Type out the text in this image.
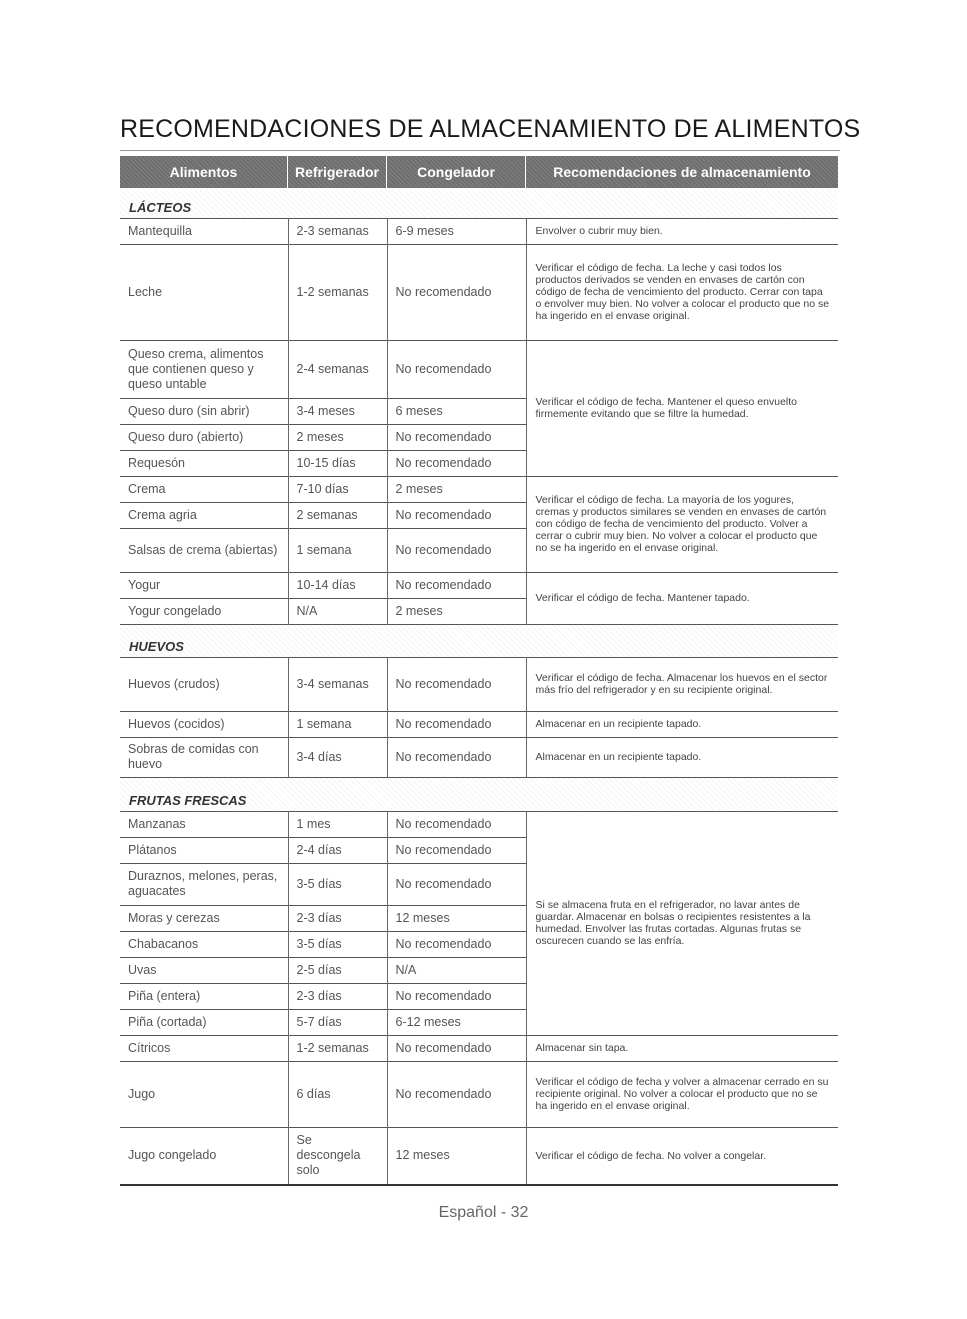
RECOMENDACIONES DE ALMACENAMIENTO DE ALIMENTOS
Alimentos	Refrigerador	Congelador	Recomendaciones de almacenamiento
LÁCTEOS			
Mantequilla	2-3 semanas	6-9 meses	Envolver o cubrir muy bien.
Leche	1-2 semanas	No recomendado	Verificar el código de fecha. La leche y casi todos los productos derivados se venden en envases de cartón con código de fecha de vencimiento del producto. Cerrar con tapa o envolver muy bien. No volver a colocar el producto que no se ha ingerido en el envase original.
Queso crema, alimentos que contienen queso y queso untable	2-4 semanas	No recomendado	Verificar el código de fecha. Mantener el queso envuelto firmemente evitando que se filtre la humedad.
Queso duro (sin abrir)	3-4 meses	6 meses	
Queso duro (abierto)	2 meses	No recomendado	
Requesón	10-15 días	No recomendado	
Crema	7-10 días	2 meses	Verificar el código de fecha. La mayoría de los yogures, cremas y productos similares se venden en envases de cartón con código de fecha de vencimiento del producto. Volver a cerrar o cubrir muy bien. No volver a colocar el producto que no se ha ingerido en el envase original.
Crema agria	2 semanas	No recomendado	
Salsas de crema (abiertas)	1 semana	No recomendado	
Yogur	10-14 días	No recomendado	Verificar el código de fecha. Mantener tapado.
Yogur congelado	N/A	2 meses	
HUEVOS			
Huevos (crudos)	3-4 semanas	No recomendado	Verificar el código de fecha. Almacenar los huevos en el sector más frío del refrigerador y en su recipiente original.
Huevos (cocidos)	1 semana	No recomendado	Almacenar en un recipiente tapado.
Sobras de comidas con huevo	3-4 días	No recomendado	Almacenar en un recipiente tapado.
FRUTAS FRESCAS			
Manzanas	1 mes	No recomendado	Si se almacena fruta en el refrigerador, no lavar antes de guardar. Almacenar en bolsas o recipientes resistentes a la humedad. Envolver las frutas cortadas. Algunas frutas se oscurecen cuando se las enfría.
Plátanos	2-4 días	No recomendado	
Duraznos, melones, peras, aguacates	3-5 días	No recomendado	
Moras y cerezas	2-3 días	12 meses	
Chabacanos	3-5 días	No recomendado	
Uvas	2-5 días	N/A	
Piña (entera)	2-3 días	No recomendado	
Piña (cortada)	5-7 días	6-12 meses	
Cítricos	1-2 semanas	No recomendado	Almacenar sin tapa.
Jugo	6 días	No recomendado	Verificar el código de fecha y volver a almacenar cerrado en su recipiente original. No volver a colocar el producto que no se ha ingerido en el envase original.
Jugo congelado	Se descongela solo	12 meses	Verificar el código de fecha. No volver a congelar.
Español - 32
